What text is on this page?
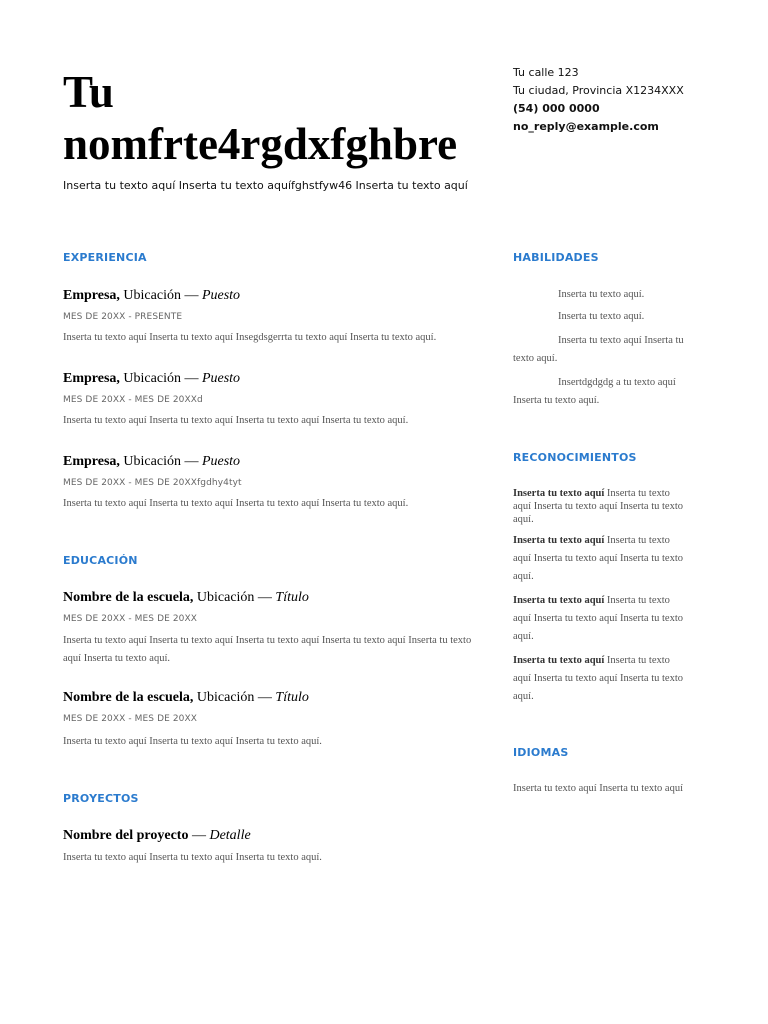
Tu nomfrte4rgdxfghbre
Inserta tu texto aquí Inserta tu texto aquífghstfyw46 Inserta tu texto aquí
Tu calle 123
Tu ciudad, Provincia X1234XXX
(54) 000 0000
no_reply@example.com
EXPERIENCIA
Empresa, Ubicación — Puesto
MES DE 20XX - PRESENTE
Inserta tu texto aquí Inserta tu texto aquí Insegdsgerrta tu texto aquí Inserta tu texto aquí.
Empresa, Ubicación — Puesto
MES DE 20XX - MES DE 20XXd
Inserta tu texto aquí Inserta tu texto aquí Inserta tu texto aquí Inserta tu texto aquí.
Empresa, Ubicación — Puesto
MES DE 20XX - MES DE 20XXfgdhy4tyt
Inserta tu texto aquí Inserta tu texto aquí Inserta tu texto aquí Inserta tu texto aquí.
EDUCACIÓN
Nombre de la escuela, Ubicación — Título
MES DE 20XX - MES DE 20XX
Inserta tu texto aquí Inserta tu texto aquí Inserta tu texto aquí Inserta tu texto aquí Inserta tu texto aquí Inserta tu texto aquí.
Nombre de la escuela, Ubicación — Título
MES DE 20XX - MES DE 20XX
Inserta tu texto aquí Inserta tu texto aquí Inserta tu texto aquí.
PROYECTOS
Nombre del proyecto — Detalle
Inserta tu texto aquí Inserta tu texto aquí Inserta tu texto aquí.
HABILIDADES
Inserta tu texto aquí.
Inserta tu texto aquí.
Inserta tu texto aquí Inserta tu texto aquí.
Insertdgdgdg a tu texto aquí Inserta tu texto aquí.
RECONOCIMIENTOS
Inserta tu texto aquí Inserta tu texto aquí Inserta tu texto aquí Inserta tu texto aquí.
Inserta tu texto aquí Inserta tu texto aquí Inserta tu texto aquí Inserta tu texto aquí.
Inserta tu texto aquí Inserta tu texto aquí Inserta tu texto aquí Inserta tu texto aquí.
Inserta tu texto aquí Inserta tu texto aquí Inserta tu texto aquí Inserta tu texto aquí.
IDIOMAS
Inserta tu texto aquí Inserta tu texto aquí
